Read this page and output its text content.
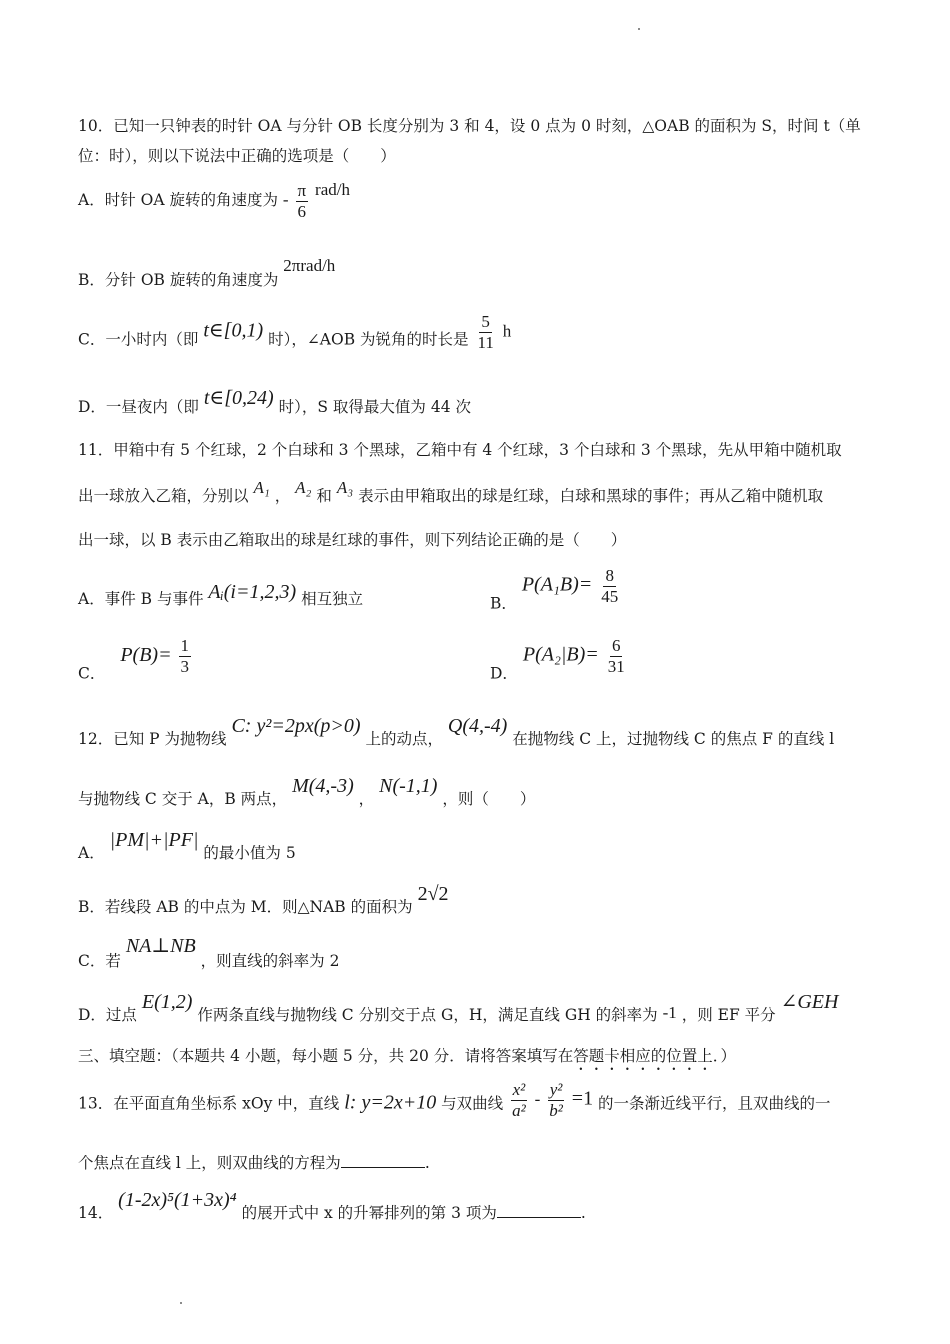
10．已知一只钟表的时针 OA 与分针 OB 长度分别为 3 和 4，设 0 点为 0 时刻，△OAB 的面积为 S，时间 t（单
位：时），则以下说法中正确的选项是（　　）
A．时针 OA 旋转的角速度为 - $\frac{\pi}{6} rad/h$
B．分针 OB 旋转的角速度为 2πrad/h
C．一小时内（即 t∈[0,1) 时），∠AOB 为锐角的时长是 $\frac{5}{11}$ h
D．一昼夜内（即 t∈[0,24) 时），S 取得最大值为 44 次
11．甲箱中有 5 个红球，2 个白球和 3 个黑球，乙箱中有 4 个红球，3 个白球和 3 个黑球，先从甲箱中随机取
出一球放入乙箱，分别以 A₁ ， A₂ 和 A₃ 表示由甲箱取出的球是红球，白球和黑球的事件；再从乙箱中随机取
出一球，以 B 表示由乙箱取出的球是红球的事件，则下列结论正确的是（　　）
A．事件 B 与事件 Aᵢ(i=1,2,3) 相互独立	B． $P(A_1B)= \frac{8}{45}$
C． $P(B)= \frac{1}{3}$	D． $P(A_2|B)= \frac{6}{31}$
12．已知 P 为抛物线 C: y²=2px(p>0) 上的动点， Q(4,-4) 在抛物线 C 上，过抛物线 C 的焦点 F 的直线 l
与抛物线 C 交于 A，B 两点， M(4,-3) ， N(-1,1) ，则（　　）
A． |PM|+|PF| 的最小值为 5
B．若线段 AB 的中点为 M．则△NAB 的面积为 2√2
C．若 NA⊥NB ，则直线的斜率为 2
D．过点 E(1,2) 作两条直线与抛物线 C 分别交于点 G，H，满足直线 GH 的斜率为 -1 ，则 EF 平分 ∠GEH
三、填空题：（本题共 4 小题，每小题 5 分，共 20 分．请将答案填写在答题卡相应的位置上．）
13．在平面直角坐标系 xOy 中，直线 l: y=2x+10 与双曲线 $\frac{\text{x²}}{\text{a²}} - \frac{\text{y²}}{\text{b²}} =1$ 的一条渐近线平行，且双曲线的一
个焦点在直线 l 上，则双曲线的方程为	.
14． (1-2x)⁵(1+3x)⁴ 的展开式中 x 的升幂排列的第 3 项为	.
